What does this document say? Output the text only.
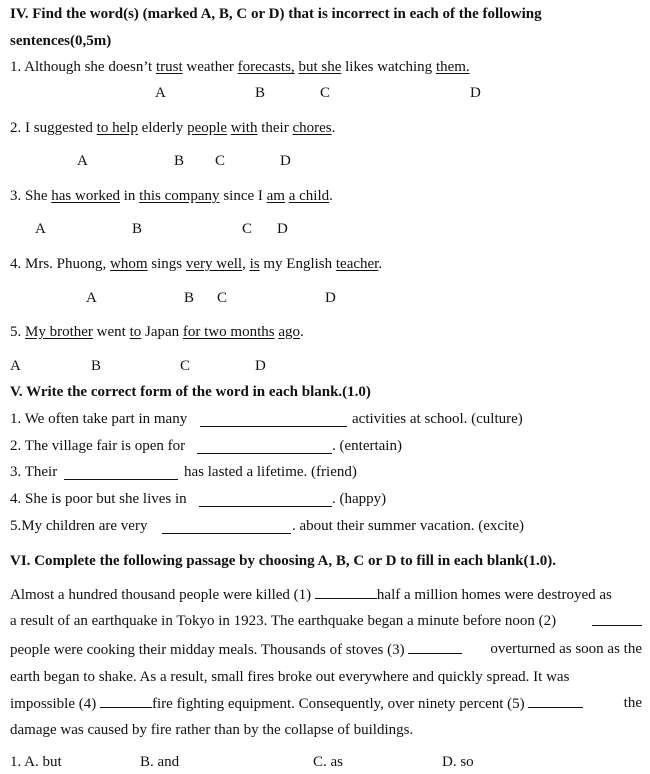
IV. Find the word(s) (marked A, B, C or D) that is incorrect in each of the following
sentences(0,5m)
1. Although she doesn’t trust weather forecasts, but she likes watching them.
A	B	C	D
2. I suggested to help elderly people with their chores.
A	B C	D
3. She has worked in this company since I am a child.
A	B	C D
4. Mrs. Phuong, whom sings very well, is my English teacher.
A	B C	D
5. My brother went to Japan for two months ago.
A	B	C	D
V. Write the correct form of the word in each blank.(1.0)
1. We often take part in many	activities at school. (culture)
2. The village fair is open for	. (entertain)
3. Their	has lasted a lifetime. (friend)
4. She is poor but she lives in	. (happy)
5.My children are very	. about their summer vacation. (excite)
VI. Complete the following passage by choosing A, B, C or D to fill in each blank(1.0).
Almost a hundred thousand people were killed (1)	half a million homes were destroyed as
a result of an earthquake in Tokyo in 1923. The earthquake began a minute before noon (2)
people were cooking their midday meals. Thousands of stoves (3)	overturned as soon as the
earth began to shake. As a result, small fires broke out everywhere and quickly spread. It was
impossible (4)	fire fighting equipment. Consequently, over ninety percent (5)	the
damage was caused by fire rather than by the collapse of buildings.
1. A. but	B. and	C. as	D. so
